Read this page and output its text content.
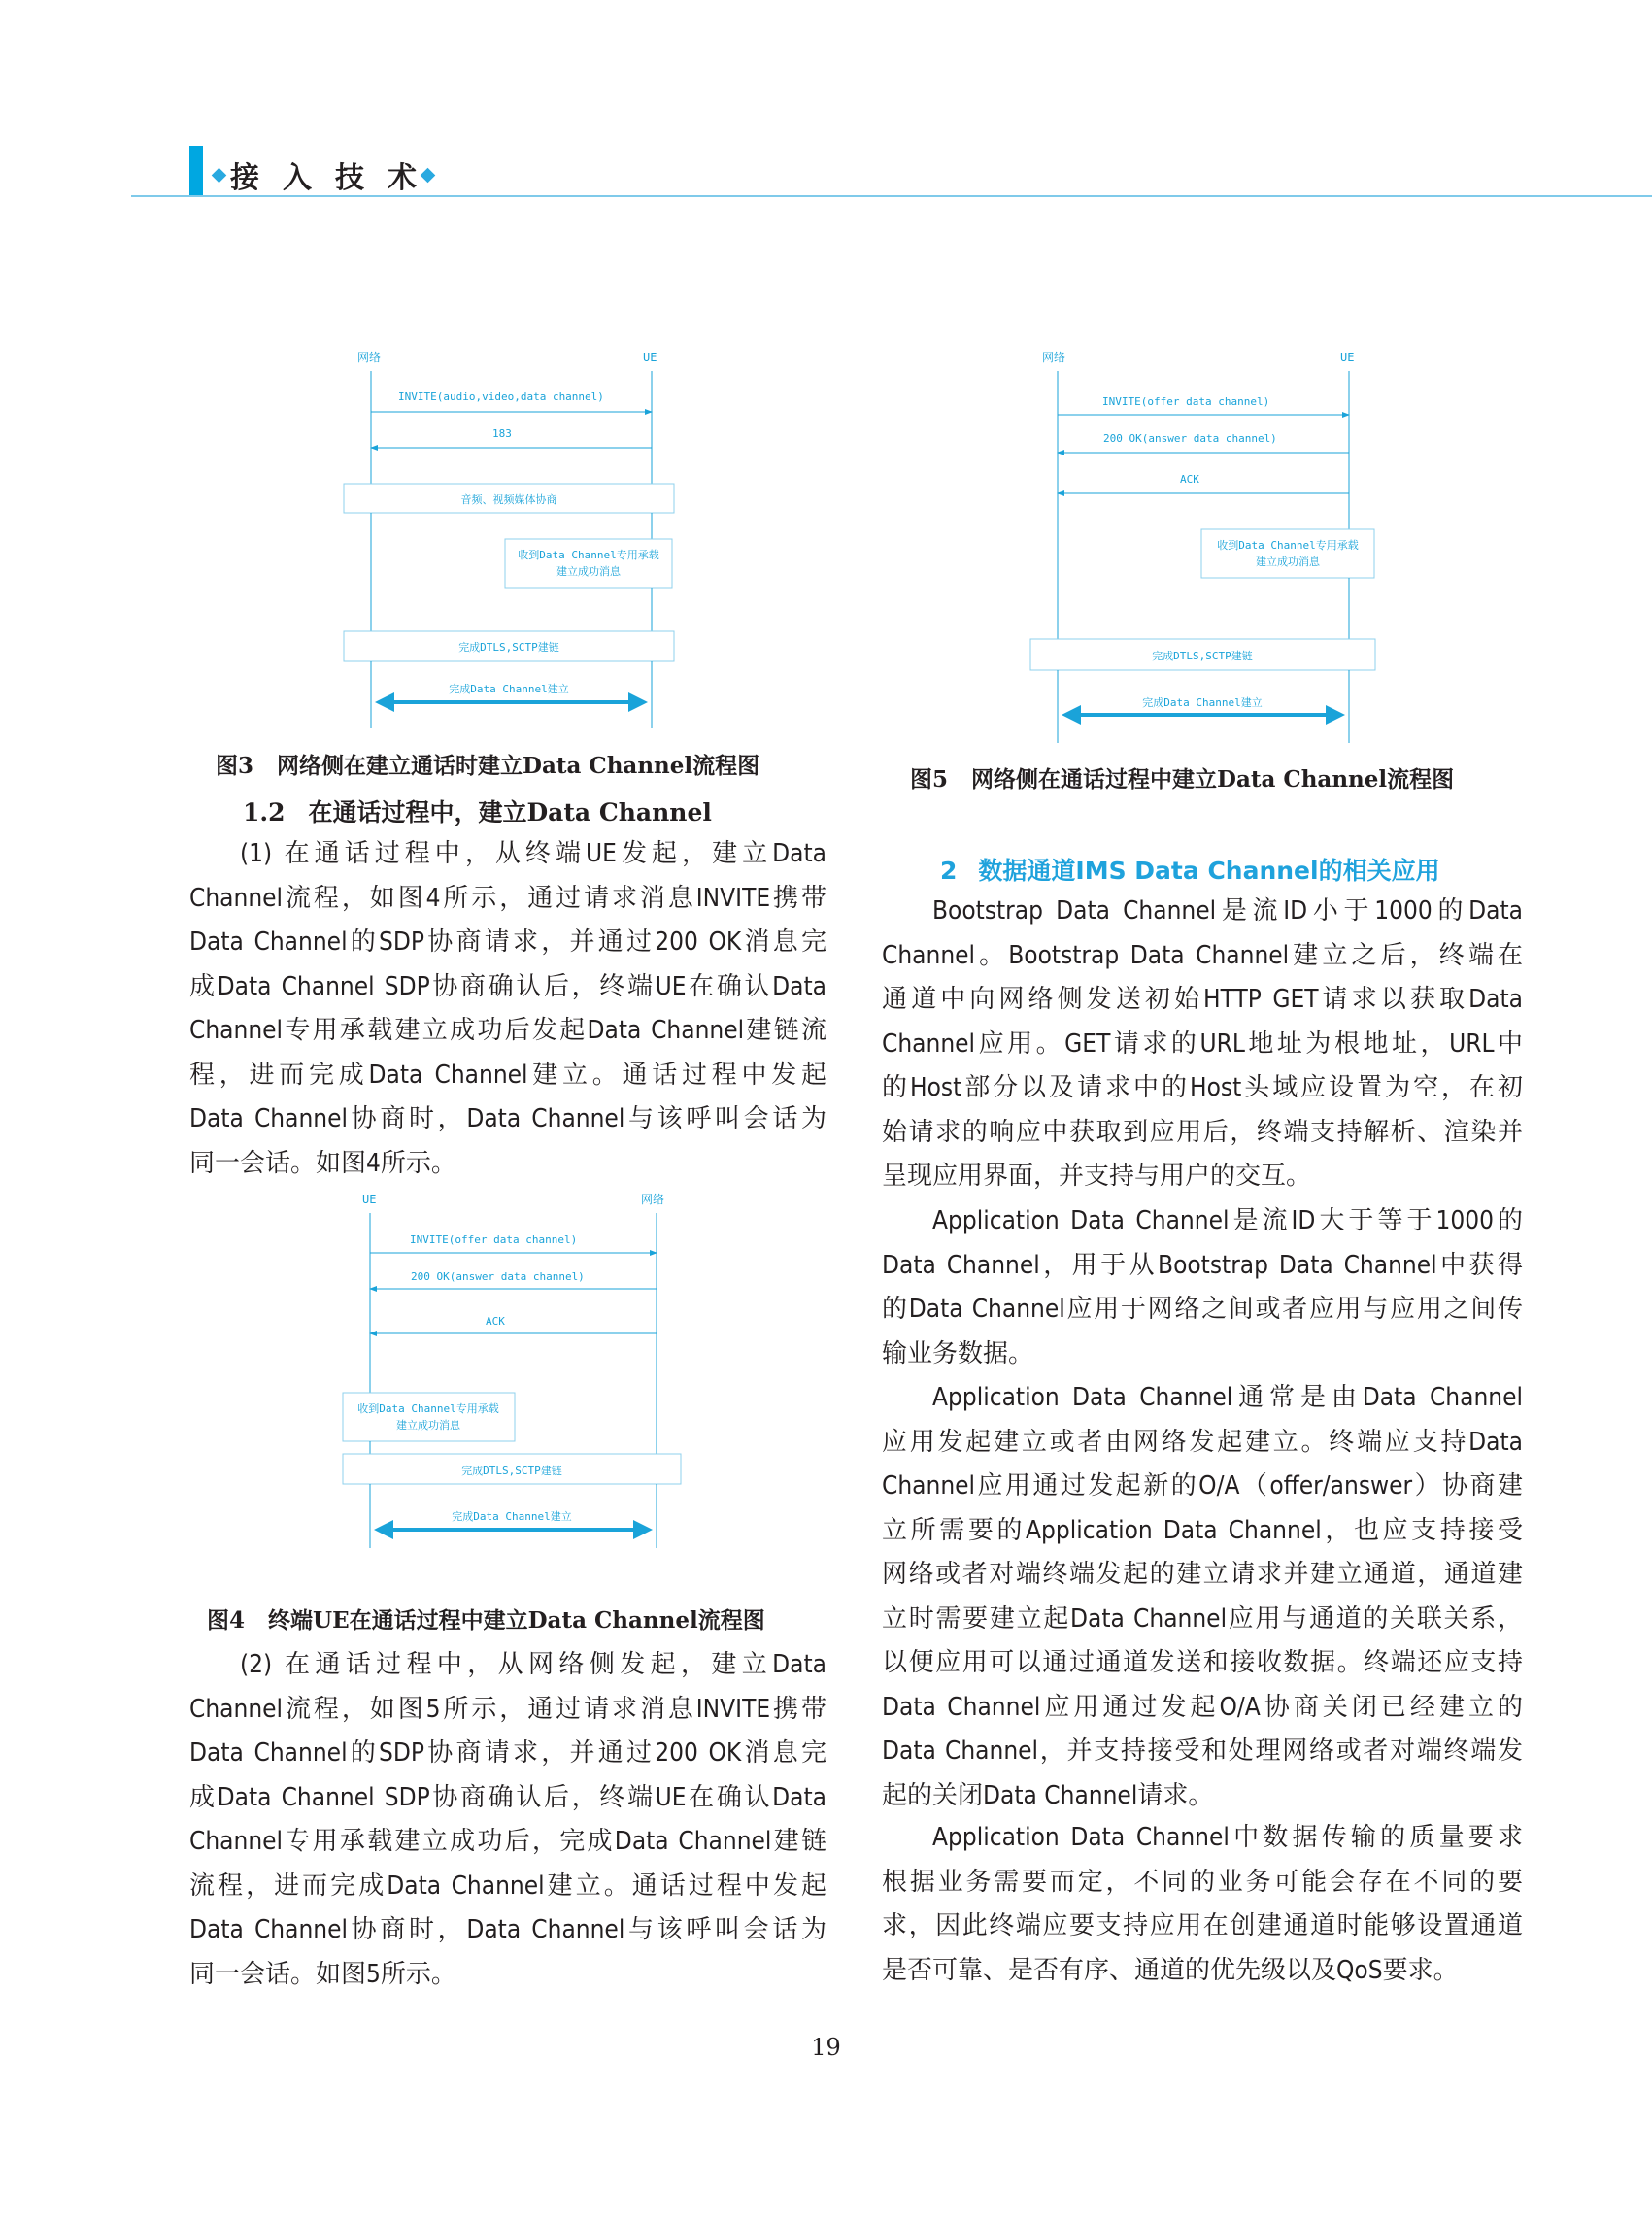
接 入 技 术
网络	UE
INVITE(audio,video,data channel)
183
音频、视频媒体协商
收到Data Channel专用承载
建立成功消息
完成DTLS,SCTP建链
完成Data Channel建立
图3 网络侧在建立通话时建立Data Channel流程图
1.2 在通话过程中，建立Data Channel
(1) 在通话过程中，从终端UE发起，建立Data
Channel流程，如图4所示，通过请求消息INVITE携带
Data Channel的SDP协商请求，并通过200 OK消息完
成Data Channel SDP协商确认后，终端UE在确认Data
Channel专用承载建立成功后发起Data Channel建链流
程，进而完成Data Channel建立。通话过程中发起
Data Channel协商时，Data Channel与该呼叫会话为
同一会话。如图4所示。
UE	网络
INVITE(offer data channel)
200 OK(answer data channel)
ACK
收到Data Channel专用承载
建立成功消息
完成DTLS,SCTP建链
完成Data Channel建立
图4 终端UE在通话过程中建立Data Channel流程图
(2) 在通话过程中，从网络侧发起，建立Data
Channel流程，如图5所示，通过请求消息INVITE携带
Data Channel的SDP协商请求，并通过200 OK消息完
成Data Channel SDP协商确认后，终端UE在确认Data
Channel专用承载建立成功后，完成Data Channel建链
流程，进而完成Data Channel建立。通话过程中发起
Data Channel协商时，Data Channel与该呼叫会话为
同一会话。如图5所示。
网络	UE
INVITE(offer data channel)
200 OK(answer data channel)
ACK
收到Data Channel专用承载
建立成功消息
完成DTLS,SCTP建链
完成Data Channel建立
图5 网络侧在通话过程中建立Data Channel流程图
2 数据通道IMS Data Channel的相关应用
Bootstrap Data Channel是流ID小于1000的Data
Channel。Bootstrap Data Channel建立之后，终端在
通道中向网络侧发送初始HTTP GET请求以获取Data
Channel应用。GET请求的URL地址为根地址，URL中
的Host部分以及请求中的Host头域应设置为空，在初
始请求的响应中获取到应用后，终端支持解析、渲染并
呈现应用界面，并支持与用户的交互。
Application Data Channel是流ID大于等于1000的
Data Channel，用于从Bootstrap Data Channel中获得
的Data Channel应用于网络之间或者应用与应用之间传
输业务数据。
Application Data Channel通常是由Data Channel
应用发起建立或者由网络发起建立。终端应支持Data
Channel应用通过发起新的O/A（offer/answer）协商建
立所需要的Application Data Channel，也应支持接受
网络或者对端终端发起的建立请求并建立通道，通道建
立时需要建立起Data Channel应用与通道的关联关系，
以便应用可以通过通道发送和接收数据。终端还应支持
Data Channel应用通过发起O/A协商关闭已经建立的
Data Channel，并支持接受和处理网络或者对端终端发
起的关闭Data Channel请求。
Application Data Channel中数据传输的质量要求
根据业务需要而定，不同的业务可能会存在不同的要
求，因此终端应要支持应用在创建通道时能够设置通道
是否可靠、是否有序、通道的优先级以及QoS要求。
19
